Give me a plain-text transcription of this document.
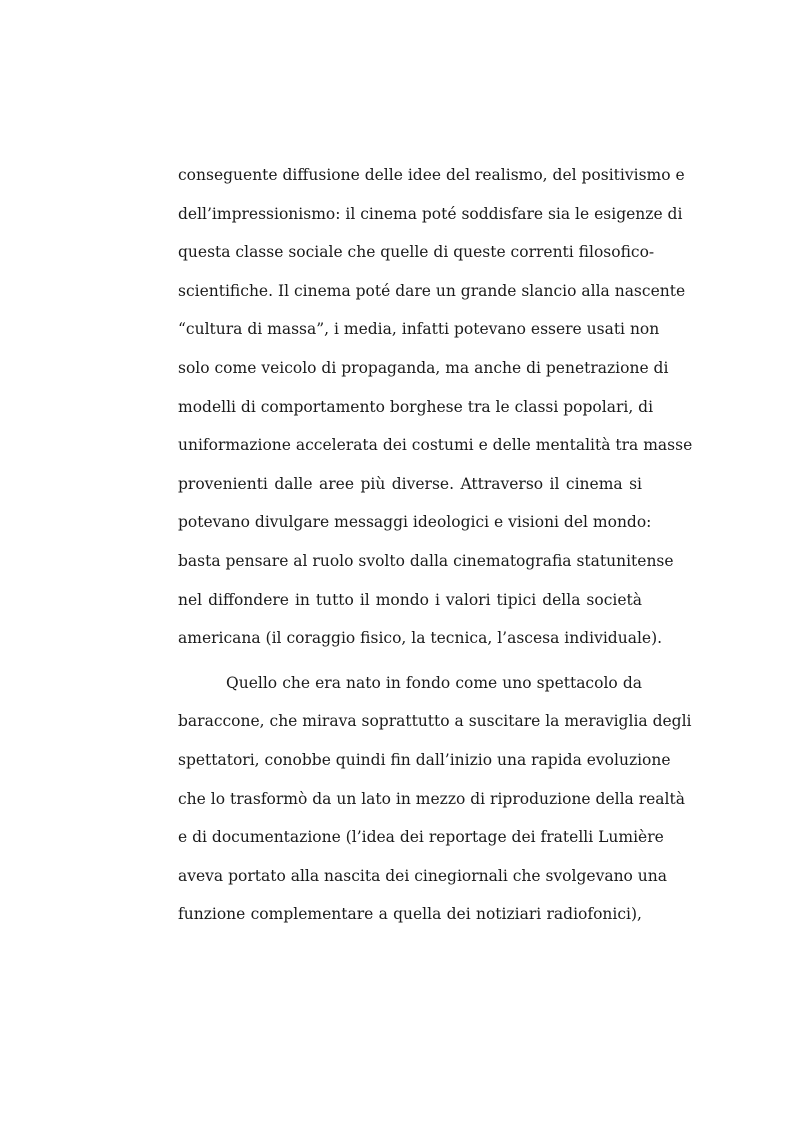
conseguente diffusione delle idee del realismo, del positivismo e
dell’impressionismo: il cinema poté soddisfare sia le esigenze di
questa classe sociale che quelle di queste correnti filosofico-
scientifiche. Il cinema poté dare un grande slancio alla nascente
“cultura di massa”, i media, infatti potevano essere usati non
solo come veicolo di propaganda, ma anche di penetrazione di
modelli di comportamento borghese tra le classi popolari, di
uniformazione accelerata dei costumi e delle mentalità tra masse
provenienti dalle aree più diverse. Attraverso il cinema si
potevano divulgare messaggi ideologici e visioni del mondo:
basta pensare al ruolo svolto dalla cinematografia statunitense
nel diffondere in tutto il mondo i valori tipici della società
americana (il coraggio fisico, la tecnica, l’ascesa individuale).
Quello che era nato in fondo come uno spettacolo da
baraccone, che mirava soprattutto a suscitare la meraviglia degli
spettatori, conobbe quindi fin dall’inizio una rapida evoluzione
che lo trasformò da un lato in mezzo di riproduzione della realtà
e di documentazione (l’idea dei reportage dei fratelli Lumière
aveva portato alla nascita dei cinegiornali che svolgevano una
funzione complementare a quella dei notiziari radiofonici),
